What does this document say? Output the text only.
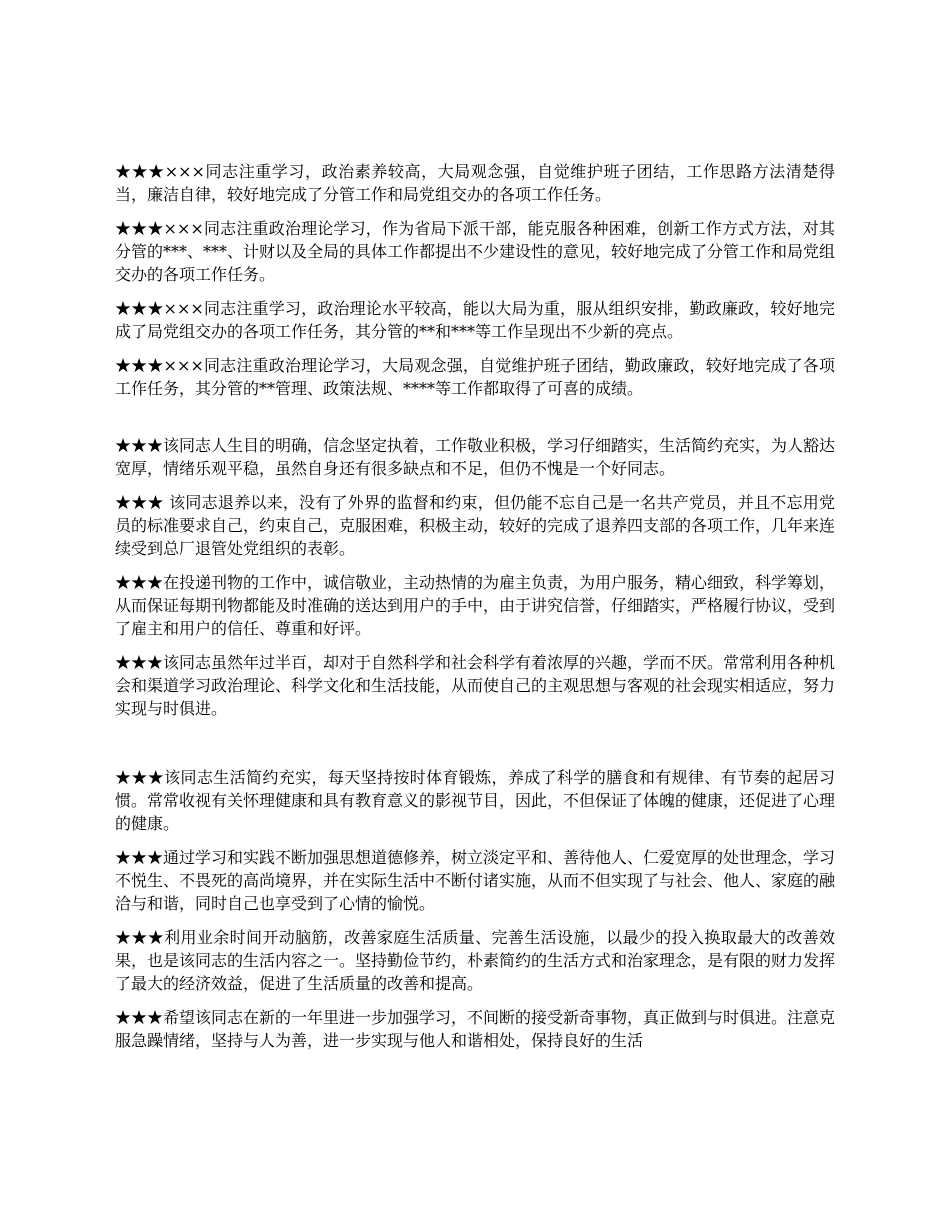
★★★×××同志注重学习，政治素养较高，大局观念强，自觉维护班子团结，工作思路方法清楚得当，廉洁自律，较好地完成了分管工作和局党组交办的各项工作任务。

★★★×××同志注重政治理论学习，作为省局下派干部，能克服各种困难，创新工作方式方法，对其分管的***、***、计财以及全局的具体工作都提出不少建设性的意见，较好地完成了分管工作和局党组交办的各项工作任务。

★★★×××同志注重学习，政治理论水平较高，能以大局为重，服从组织安排，勤政廉政，较好地完成了局党组交办的各项工作任务，其分管的**和***等工作呈现出不少新的亮点。

★★★×××同志注重政治理论学习，大局观念强，自觉维护班子团结，勤政廉政，较好地完成了各项工作任务，其分管的**管理、政策法规、****等工作都取得了可喜的成绩。

★★★该同志人生目的明确，信念坚定执着，工作敬业积极，学习仔细踏实，生活简约充实，为人豁达宽厚，情绪乐观平稳，虽然自身还有很多缺点和不足，但仍不愧是一个好同志。

★★★ 该同志退养以来，没有了外界的监督和约束，但仍能不忘自己是一名共产党员，并且不忘用党员的标准要求自己，约束自己，克服困难，积极主动，较好的完成了退养四支部的各项工作，几年来连续受到总厂退管处党组织的表彰。

★★★在投递刊物的工作中，诚信敬业，主动热情的为雇主负责，为用户服务，精心细致，科学筹划，从而保证每期刊物都能及时准确的送达到用户的手中，由于讲究信誉，仔细踏实，严格履行协议，受到了雇主和用户的信任、尊重和好评。

★★★该同志虽然年过半百，却对于自然科学和社会科学有着浓厚的兴趣，学而不厌。常常利用各种机会和渠道学习政治理论、科学文化和生活技能，从而使自己的主观思想与客观的社会现实相适应，努力实现与时俱进。

★★★该同志生活简约充实，每天坚持按时体育锻炼，养成了科学的膳食和有规律、有节奏的起居习惯。常常收视有关怀理健康和具有教育意义的影视节目，因此，不但保证了体魄的健康，还促进了心理的健康。

★★★通过学习和实践不断加强思想道德修养，树立淡定平和、善待他人、仁爱宽厚的处世理念，学习不悦生、不畏死的高尚境界，并在实际生活中不断付诸实施，从而不但实现了与社会、他人、家庭的融洽与和谐，同时自己也享受到了心情的愉悦。

★★★利用业余时间开动脑筋，改善家庭生活质量、完善生活设施，以最少的投入换取最大的改善效果，也是该同志的生活内容之一。坚持勤俭节约，朴素简约的生活方式和治家理念，是有限的财力发挥了最大的经济效益，促进了生活质量的改善和提高。

★★★希望该同志在新的一年里进一步加强学习，不间断的接受新奇事物，真正做到与时俱进。注意克服急躁情绪，坚持与人为善，进一步实现与他人和谐相处，保持良好的生活
